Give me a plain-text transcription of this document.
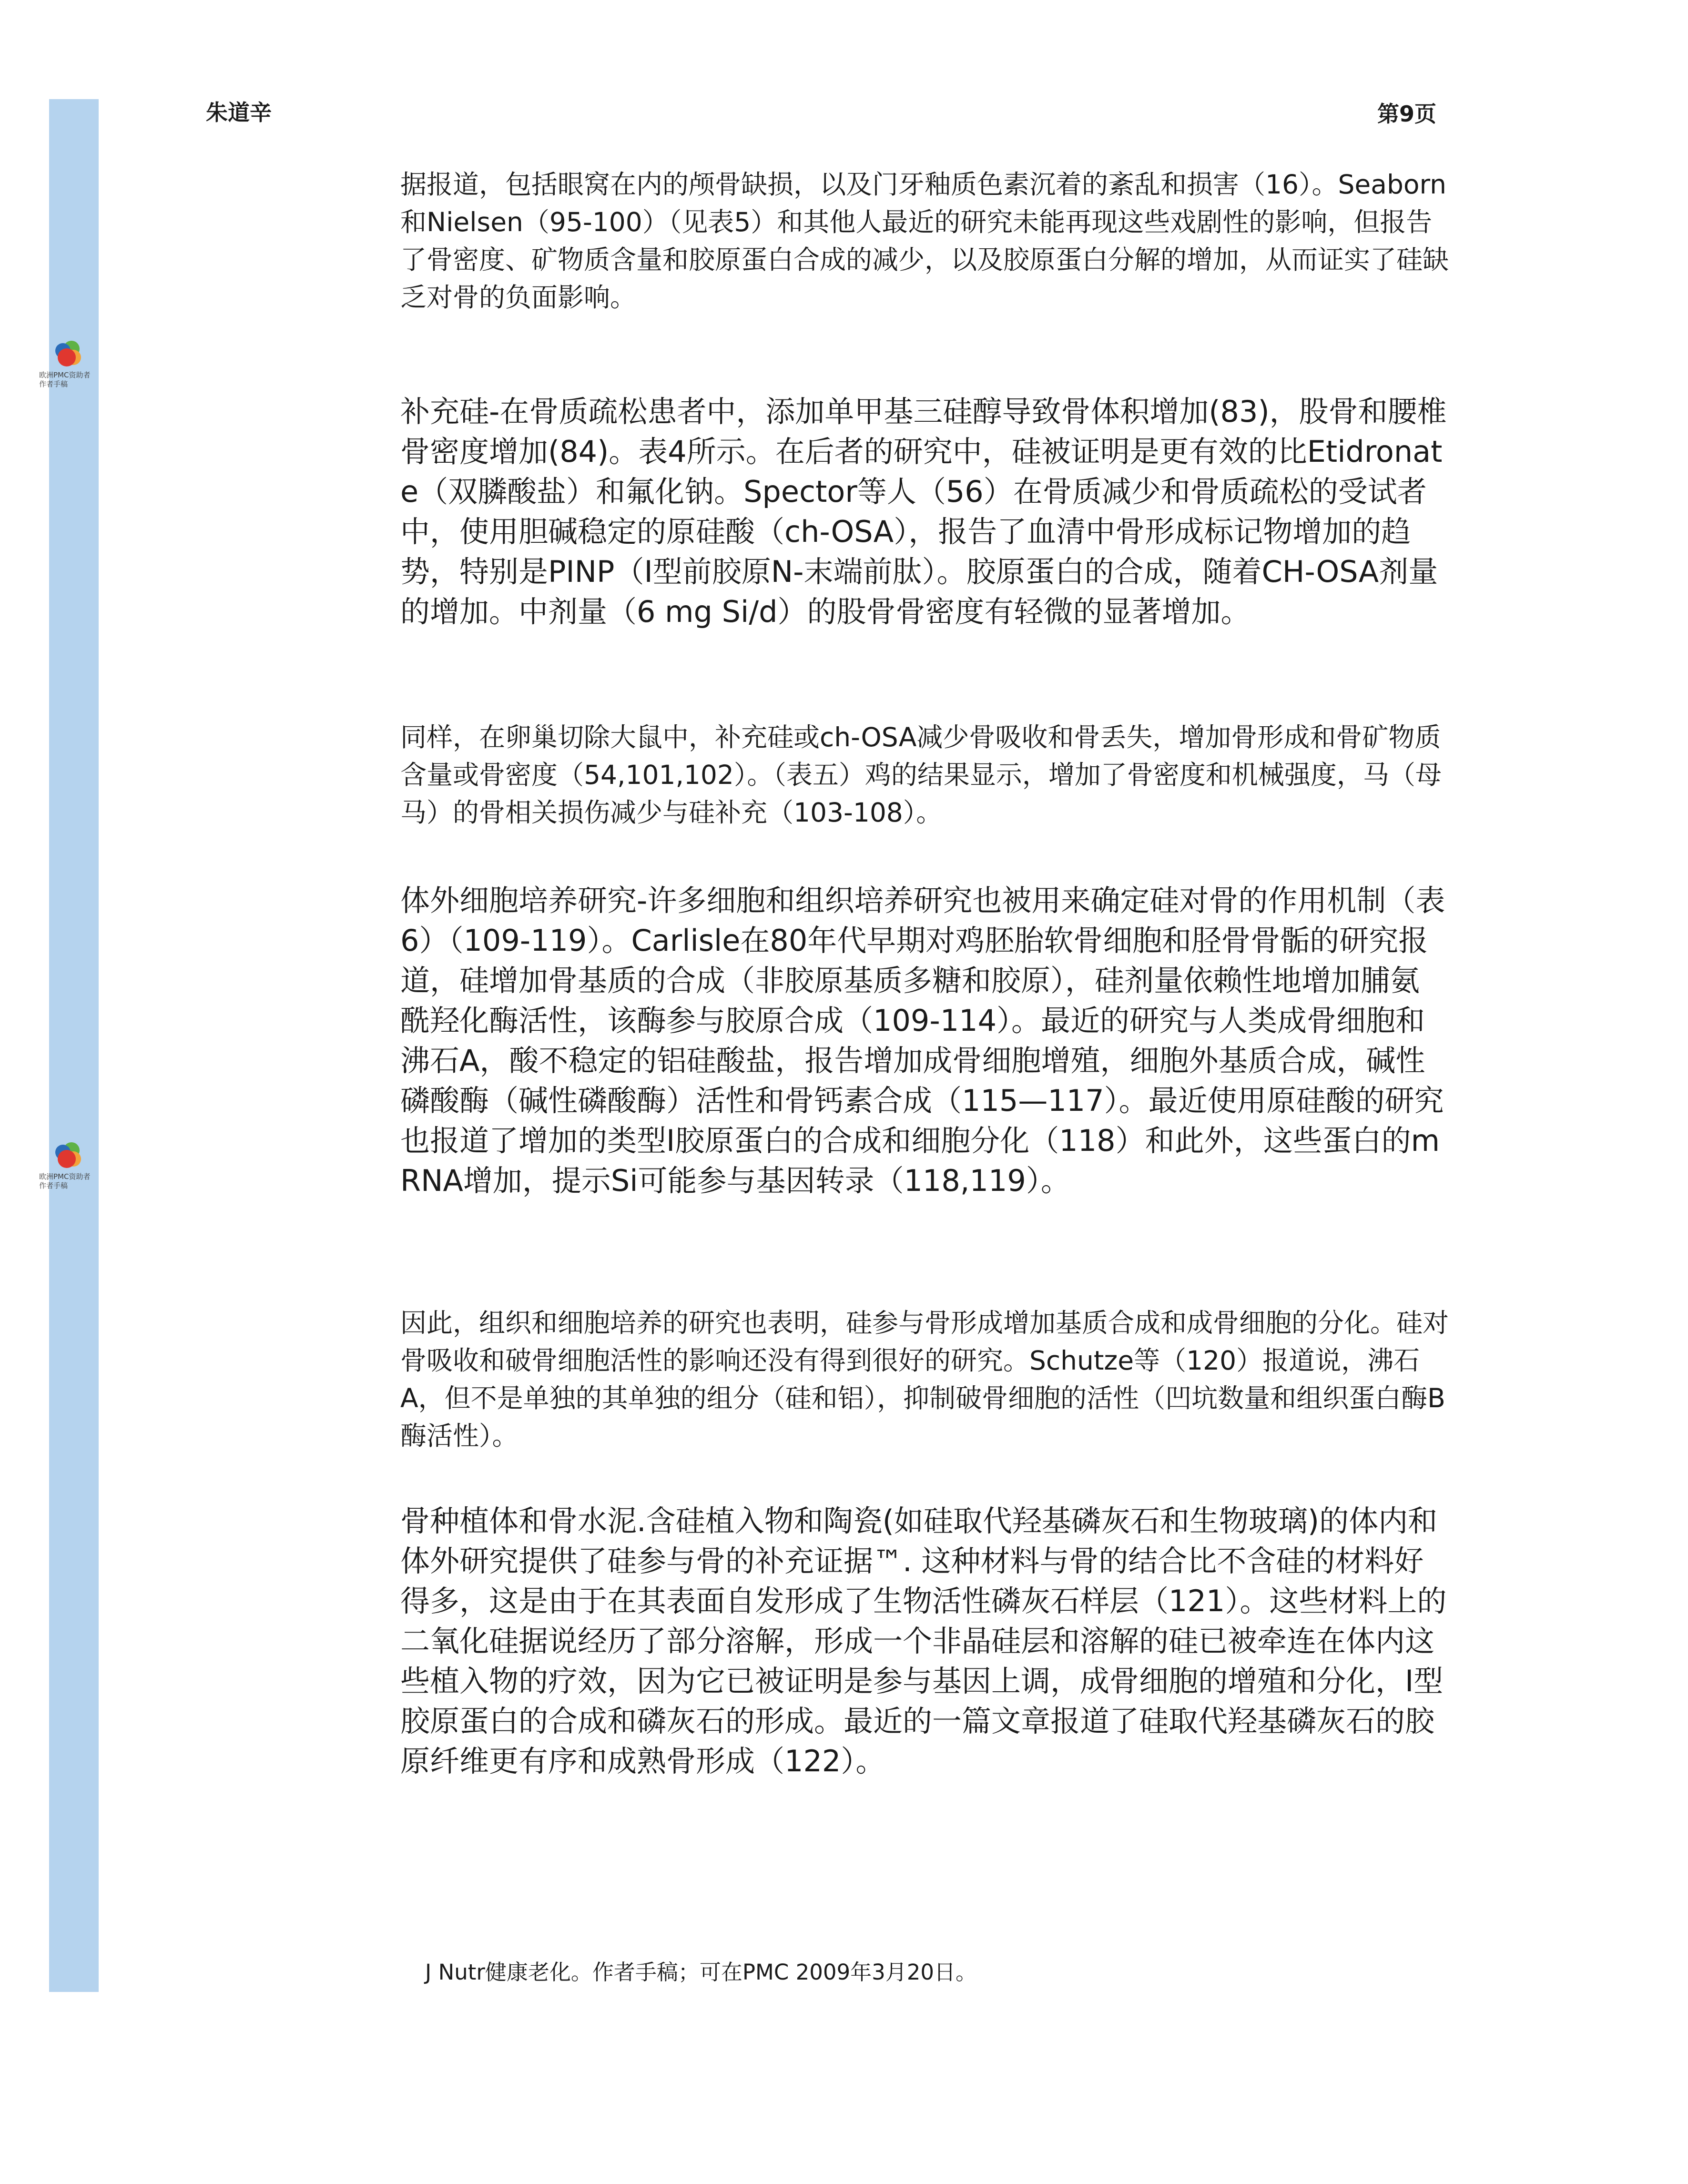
欧洲PMC资助者作者手稿
欧洲PMC资助者作者手稿
朱道辛	第9页

据报道，包括眼窝在内的颅骨缺损，以及门牙釉质色素沉着的紊乱和损害（16）。Seaborn和Nielsen（95-100）（见表5）和其他人最近的研究未能再现这些戏剧性的影响，但报告了骨密度、矿物质含量和胶原蛋白合成的减少，以及胶原蛋白分解的增加，从而证实了硅缺乏对骨的负面影响。

补充硅-在骨质疏松患者中，添加单甲基三硅醇导致骨体积增加(83)，股骨和腰椎骨密度增加(84)。表4所示。在后者的研究中，硅被证明是更有效的比Etidronate（双膦酸盐）和氟化钠。Spector等人（56）在骨质减少和骨质疏松的受试者中，使用胆碱稳定的原硅酸（ch-OSA），报告了血清中骨形成标记物增加的趋势，特别是PINP（I型前胶原N-末端前肽）。胶原蛋白的合成，随着CH-OSA剂量的增加。中剂量（6 mg Si/d）的股骨骨密度有轻微的显著增加。

同样，在卵巢切除大鼠中，补充硅或ch-OSA减少骨吸收和骨丢失，增加骨形成和骨矿物质含量或骨密度（54,101,102）。（表五）鸡的结果显示，增加了骨密度和机械强度，马（母马）的骨相关损伤减少与硅补充（103-108）。

体外细胞培养研究-许多细胞和组织培养研究也被用来确定硅对骨的作用机制（表6）（109-119）。Carlisle在80年代早期对鸡胚胎软骨细胞和胫骨骨骺的研究报道，硅增加骨基质的合成（非胶原基质多糖和胶原），硅剂量依赖性地增加脯氨酰羟化酶活性，该酶参与胶原合成（109-114）。最近的研究与人类成骨细胞和沸石A，酸不稳定的铝硅酸盐，报告增加成骨细胞增殖，细胞外基质合成，碱性磷酸酶（碱性磷酸酶）活性和骨钙素合成（115—117）。最近使用原硅酸的研究也报道了增加的类型I胶原蛋白的合成和细胞分化（118）和此外，这些蛋白的mRNA增加，提示Si可能参与基因转录（118,119）。

因此，组织和细胞培养的研究也表明，硅参与骨形成增加基质合成和成骨细胞的分化。硅对骨吸收和破骨细胞活性的影响还没有得到很好的研究。Schutze等（120）报道说，沸石A，但不是单独的其单独的组分（硅和铝），抑制破骨细胞的活性（凹坑数量和组织蛋白酶B酶活性）。

骨种植体和骨水泥.含硅植入物和陶瓷(如硅取代羟基磷灰石和生物玻璃)的体内和体外研究提供了硅参与骨的补充证据™. 这种材料与骨的结合比不含硅的材料好得多，这是由于在其表面自发形成了生物活性磷灰石样层（121）。这些材料上的二氧化硅据说经历了部分溶解，形成一个非晶硅层和溶解的硅已被牵连在体内这些植入物的疗效，因为它已被证明是参与基因上调，成骨细胞的增殖和分化，I型胶原蛋白的合成和磷灰石的形成。最近的一篇文章报道了硅取代羟基磷灰石的胶原纤维更有序和成熟骨形成（122）。

J Nutr健康老化。作者手稿；可在PMC 2009年3月20日。
